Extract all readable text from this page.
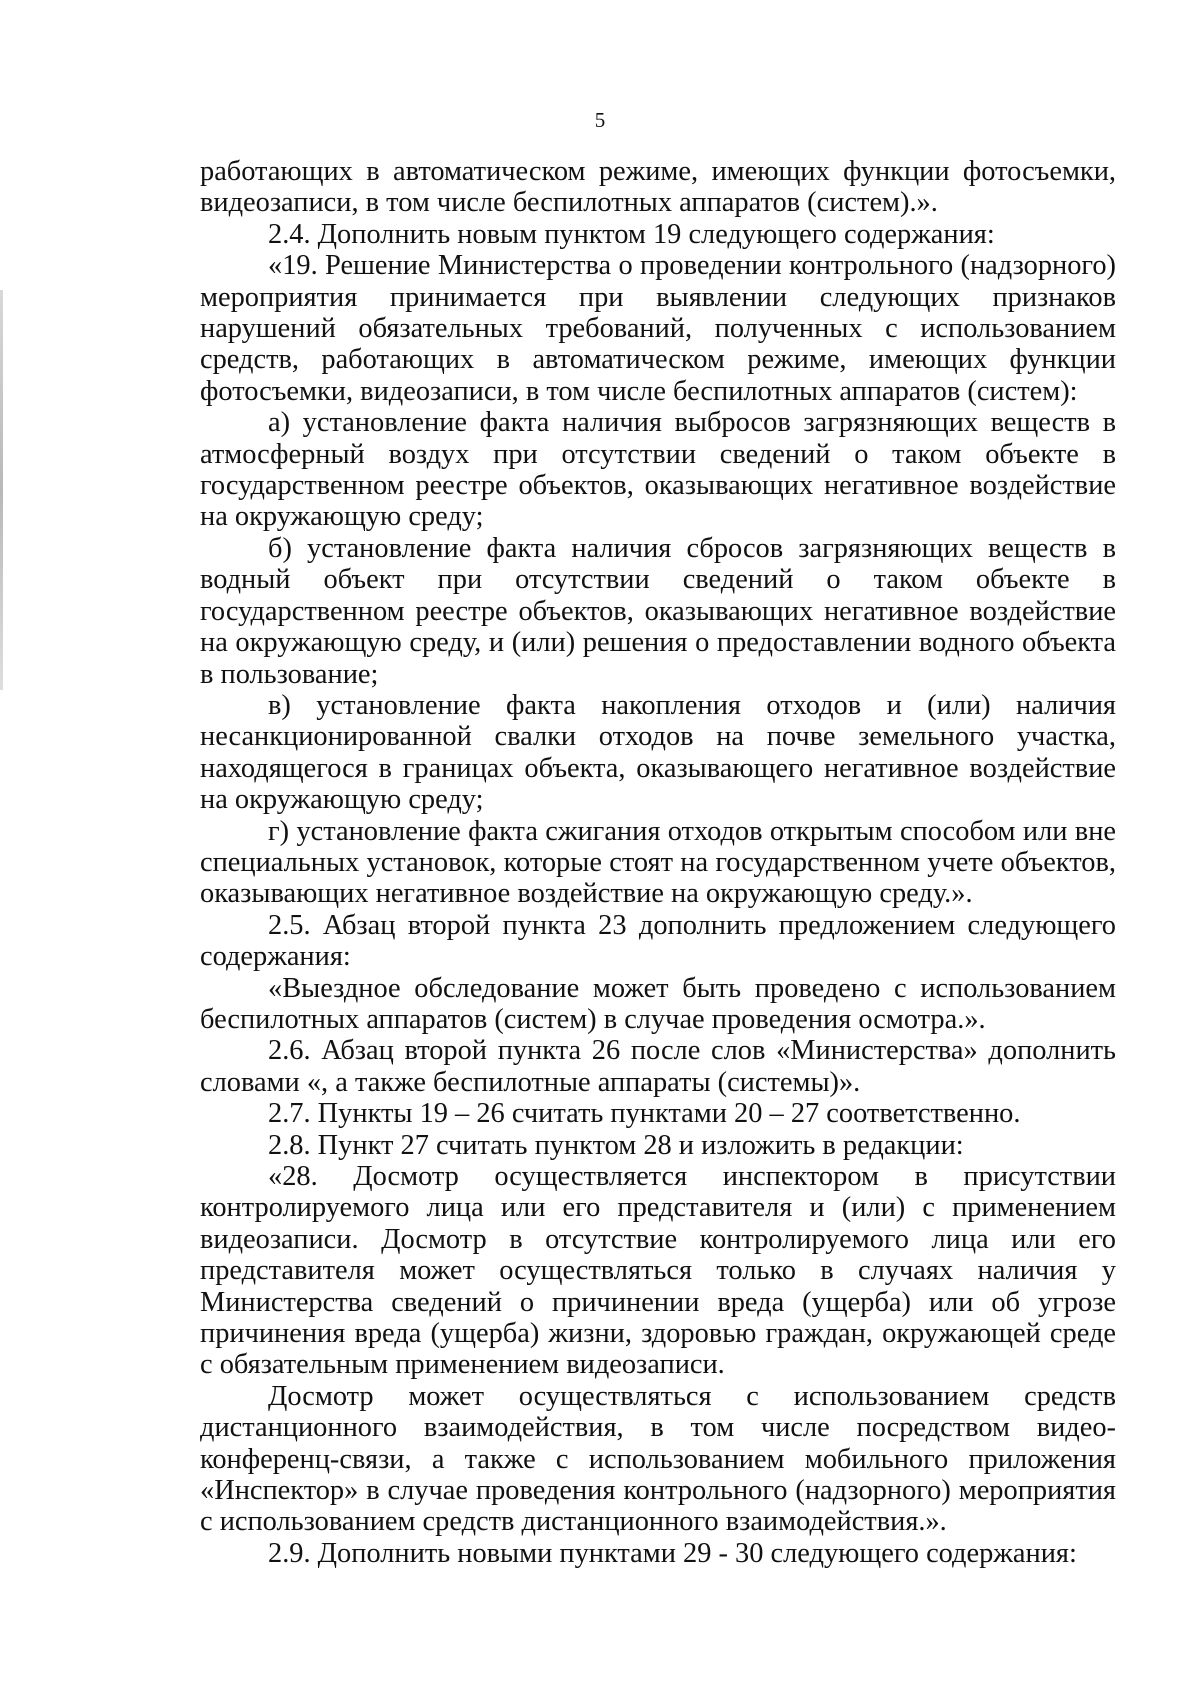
5

работающих в автоматическом режиме, имеющих функции фотосъемки, видеозаписи, в том числе беспилотных аппаратов (систем).».

2.4. Дополнить новым пунктом 19 следующего содержания:

«19. Решение Министерства о проведении контрольного (надзорного) мероприятия принимается при выявлении следующих признаков нарушений обязательных требований, полученных с использованием средств, работающих в автоматическом режиме, имеющих функции фотосъемки, видеозаписи, в том числе беспилотных аппаратов (систем):

а) установление факта наличия выбросов загрязняющих веществ в атмосферный воздух при отсутствии сведений о таком объекте в государственном реестре объектов, оказывающих негативное воздействие на окружающую среду;

б) установление факта наличия сбросов загрязняющих веществ в водный объект при отсутствии сведений о таком объекте в государственном реестре объектов, оказывающих негативное воздействие на окружающую среду, и (или) решения о предоставлении водного объекта в пользование;

в) установление факта накопления отходов и (или) наличия несанкционированной свалки отходов на почве земельного участка, находящегося в границах объекта, оказывающего негативное воздействие на окружающую среду;

г) установление факта сжигания отходов открытым способом или вне специальных установок, которые стоят на государственном учете объектов, оказывающих негативное воздействие на окружающую среду.».

2.5. Абзац второй пункта 23 дополнить предложением следующего содержания:

«Выездное обследование может быть проведено с использованием беспилотных аппаратов (систем) в случае проведения осмотра.».

2.6. Абзац второй пункта 26 после слов «Министерства» дополнить словами «, а также беспилотные аппараты (системы)».

2.7. Пункты 19 – 26 считать пунктами 20 – 27 соответственно.

2.8. Пункт 27 считать пунктом 28 и изложить в редакции:

«28. Досмотр осуществляется инспектором в присутствии контролируемого лица или его представителя и (или) с применением видеозаписи. Досмотр в отсутствие контролируемого лица или его представителя может осуществляться только в случаях наличия у Министерства сведений о причинении вреда (ущерба) или об угрозе причинения вреда (ущерба) жизни, здоровью граждан, окружающей среде с обязательным применением видеозаписи.

Досмотр может осуществляться с использованием средств дистанционного взаимодействия, в том числе посредством видео-конференц-связи, а также с использованием мобильного приложения «Инспектор» в случае проведения контрольного (надзорного) мероприятия с использованием средств дистанционного взаимодействия.».

2.9. Дополнить новыми пунктами 29 - 30 следующего содержания:
